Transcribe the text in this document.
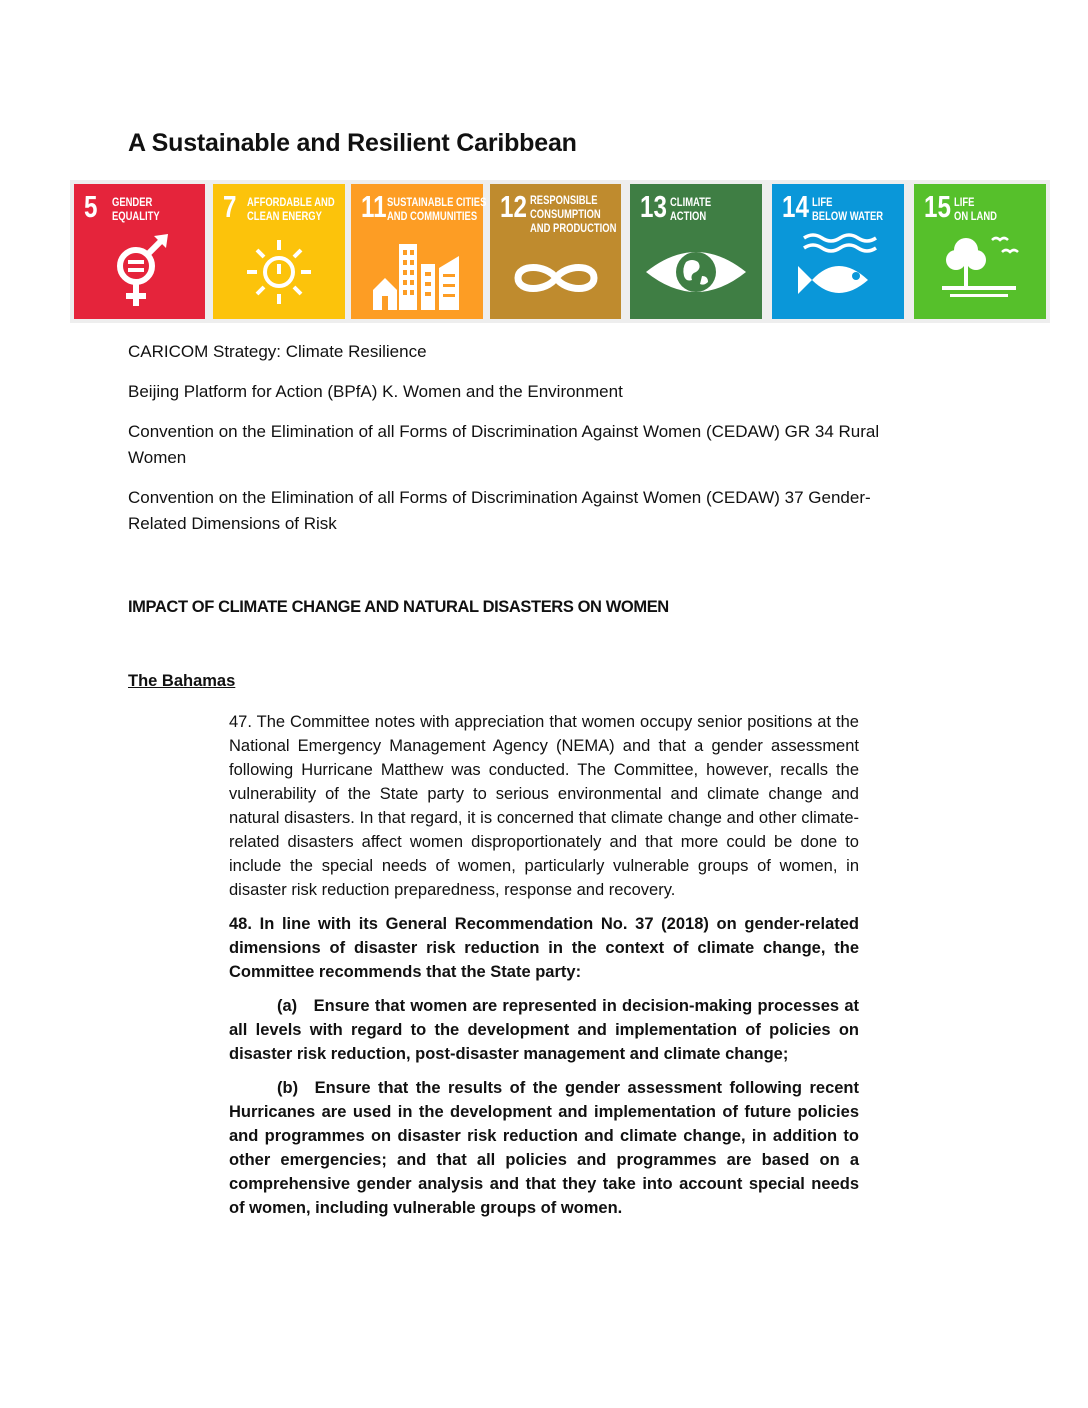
A Sustainable and Resilient Caribbean
5 GENDER
EQUALITY 7 AFFORDABLE AND
CLEAN ENERGY	11 SUSTAINABLE CITIES
AND COMMUNITIES 12 RESPONSIBLE
CONSUMPTION
AND PRODUCTION
13 CLIMATE
ACTION 14 LIFE
BELOW WATER 15 LIFE
ON LAND

CARICOM Strategy: Climate Resilience

Beijing Platform for Action (BPfA) K. Women and the Environment

Convention on the Elimination of all Forms of Discrimination Against Women (CEDAW) GR 34 Rural Women

Convention on the Elimination of all Forms of Discrimination Against Women (CEDAW) 37 Gender-Related Dimensions of Risk

IMPACT OF CLIMATE CHANGE AND NATURAL DISASTERS ON WOMEN
The Bahamas

47. The Committee notes with appreciation that women occupy senior positions at the National Emergency Management Agency (NEMA) and that a gender assessment following Hurricane Matthew was conducted. The Committee, however, recalls the vulnerability of the State party to serious environmental and climate change and natural disasters. In that regard, it is concerned that climate change and other climate-related disasters affect women disproportionately and that more could be done to include the special needs of women, particularly vulnerable groups of women, in disaster risk reduction preparedness, response and recovery.

48. In line with its General Recommendation No. 37 (2018) on gender-related dimensions of disaster risk reduction in the context of climate change, the Committee recommends that the State party:

(a) Ensure that women are represented in decision-making processes at all levels with regard to the development and implementation of policies on disaster risk reduction, post-disaster management and climate change;

(b) Ensure that the results of the gender assessment following recent Hurricanes are used in the development and implementation of future policies and programmes on disaster risk reduction and climate change, in addition to other emergencies; and that all policies and programmes are based on a comprehensive gender analysis and that they take into account special needs of women, including vulnerable groups of women.
